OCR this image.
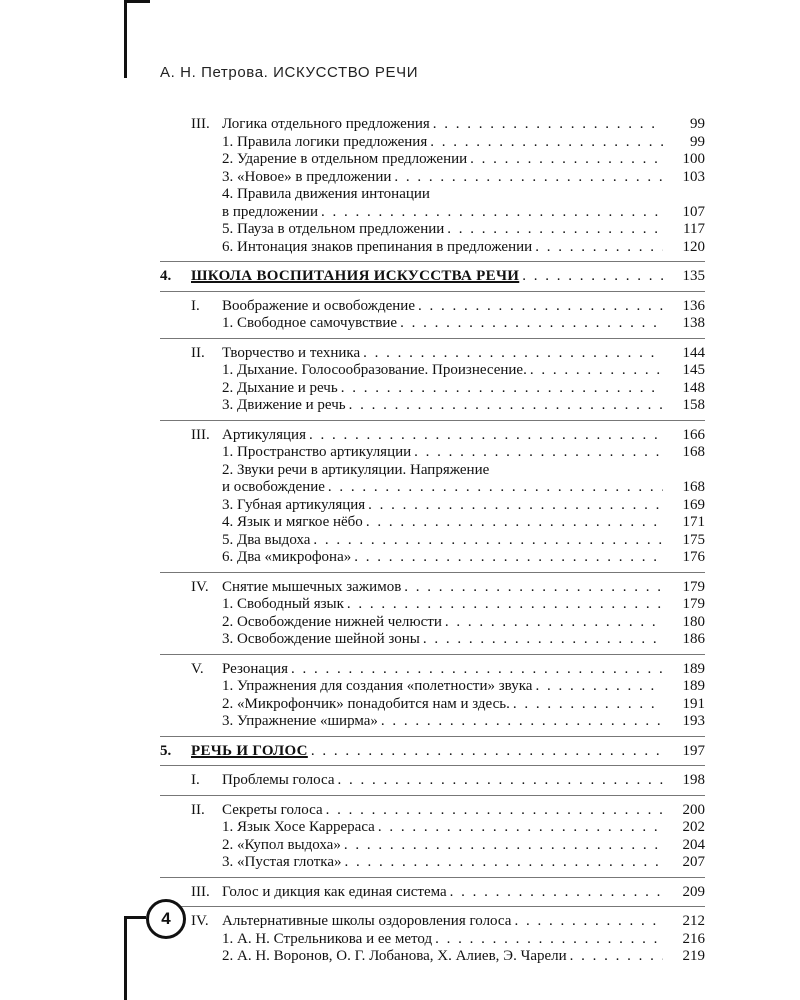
А. Н. Петрова. ИСКУССТВО РЕЧИ
III. Логика отдельного предложения . . .	99
1. Правила логики предложения . . .	99
2. Ударение в отдельном предложении . . .	100
3. «Новое» в предложении . . .	103
4. Правила движения интонации
в предложении . . .	107
5. Пауза в отдельном предложении . . .	117
6. Интонация знаков препинания в предложении . . .	120
4.	ШКОЛА ВОСПИТАНИЯ ИСКУССТВА РЕЧИ . . .	135
I.	Воображение и освобождение . . .	136
1. Свободное самочувствие . . .	138
II.	Творчество и техника . . .	144
1. Дыхание. Голосообразование. Произнесение. . . .	145
2. Дыхание и речь . . .	148
3. Движение и речь . . .	158
III. Артикуляция . . .	166
1. Пространство артикуляции . . .	168
2. Звуки речи в артикуляции. Напряжение
и освобождение . . .	168
3. Губная артикуляция . . .	169
4. Язык и мягкое нёбо . . .	171
5. Два выдоха . . .	175
6. Два «микрофона» . . .	176
IV. Снятие мышечных зажимов . . .	179
1. Свободный язык . . .	179
2. Освобождение нижней челюсти . . .	180
3. Освобождение шейной зоны . . .	186
V.	Резонация . . .	189
1. Упражнения для создания «полетности» звука . . .	189
2. «Микрофончик» понадобится нам и здесь. . . .	191
3. Упражнение «ширма» . . .	193
5.	РЕЧЬ И ГОЛОС . . .	197
I.	Проблемы голоса . . .	198
II.	Секреты голоса . . .	200
1. Язык Хосе Каррераса . . .	202
2. «Купол выдоха» . . .	204
3. «Пустая глотка» . . .	207
III. Голос и дикция как единая система . . .	209
IV. Альтернативные школы оздоровления голоса . . .	212
1. А. Н. Стрельникова и ее метод . . .	216
2. А. Н. Воронов, О. Г. Лобанова, Х. Алиев, Э. Чарели . . .	219
4
